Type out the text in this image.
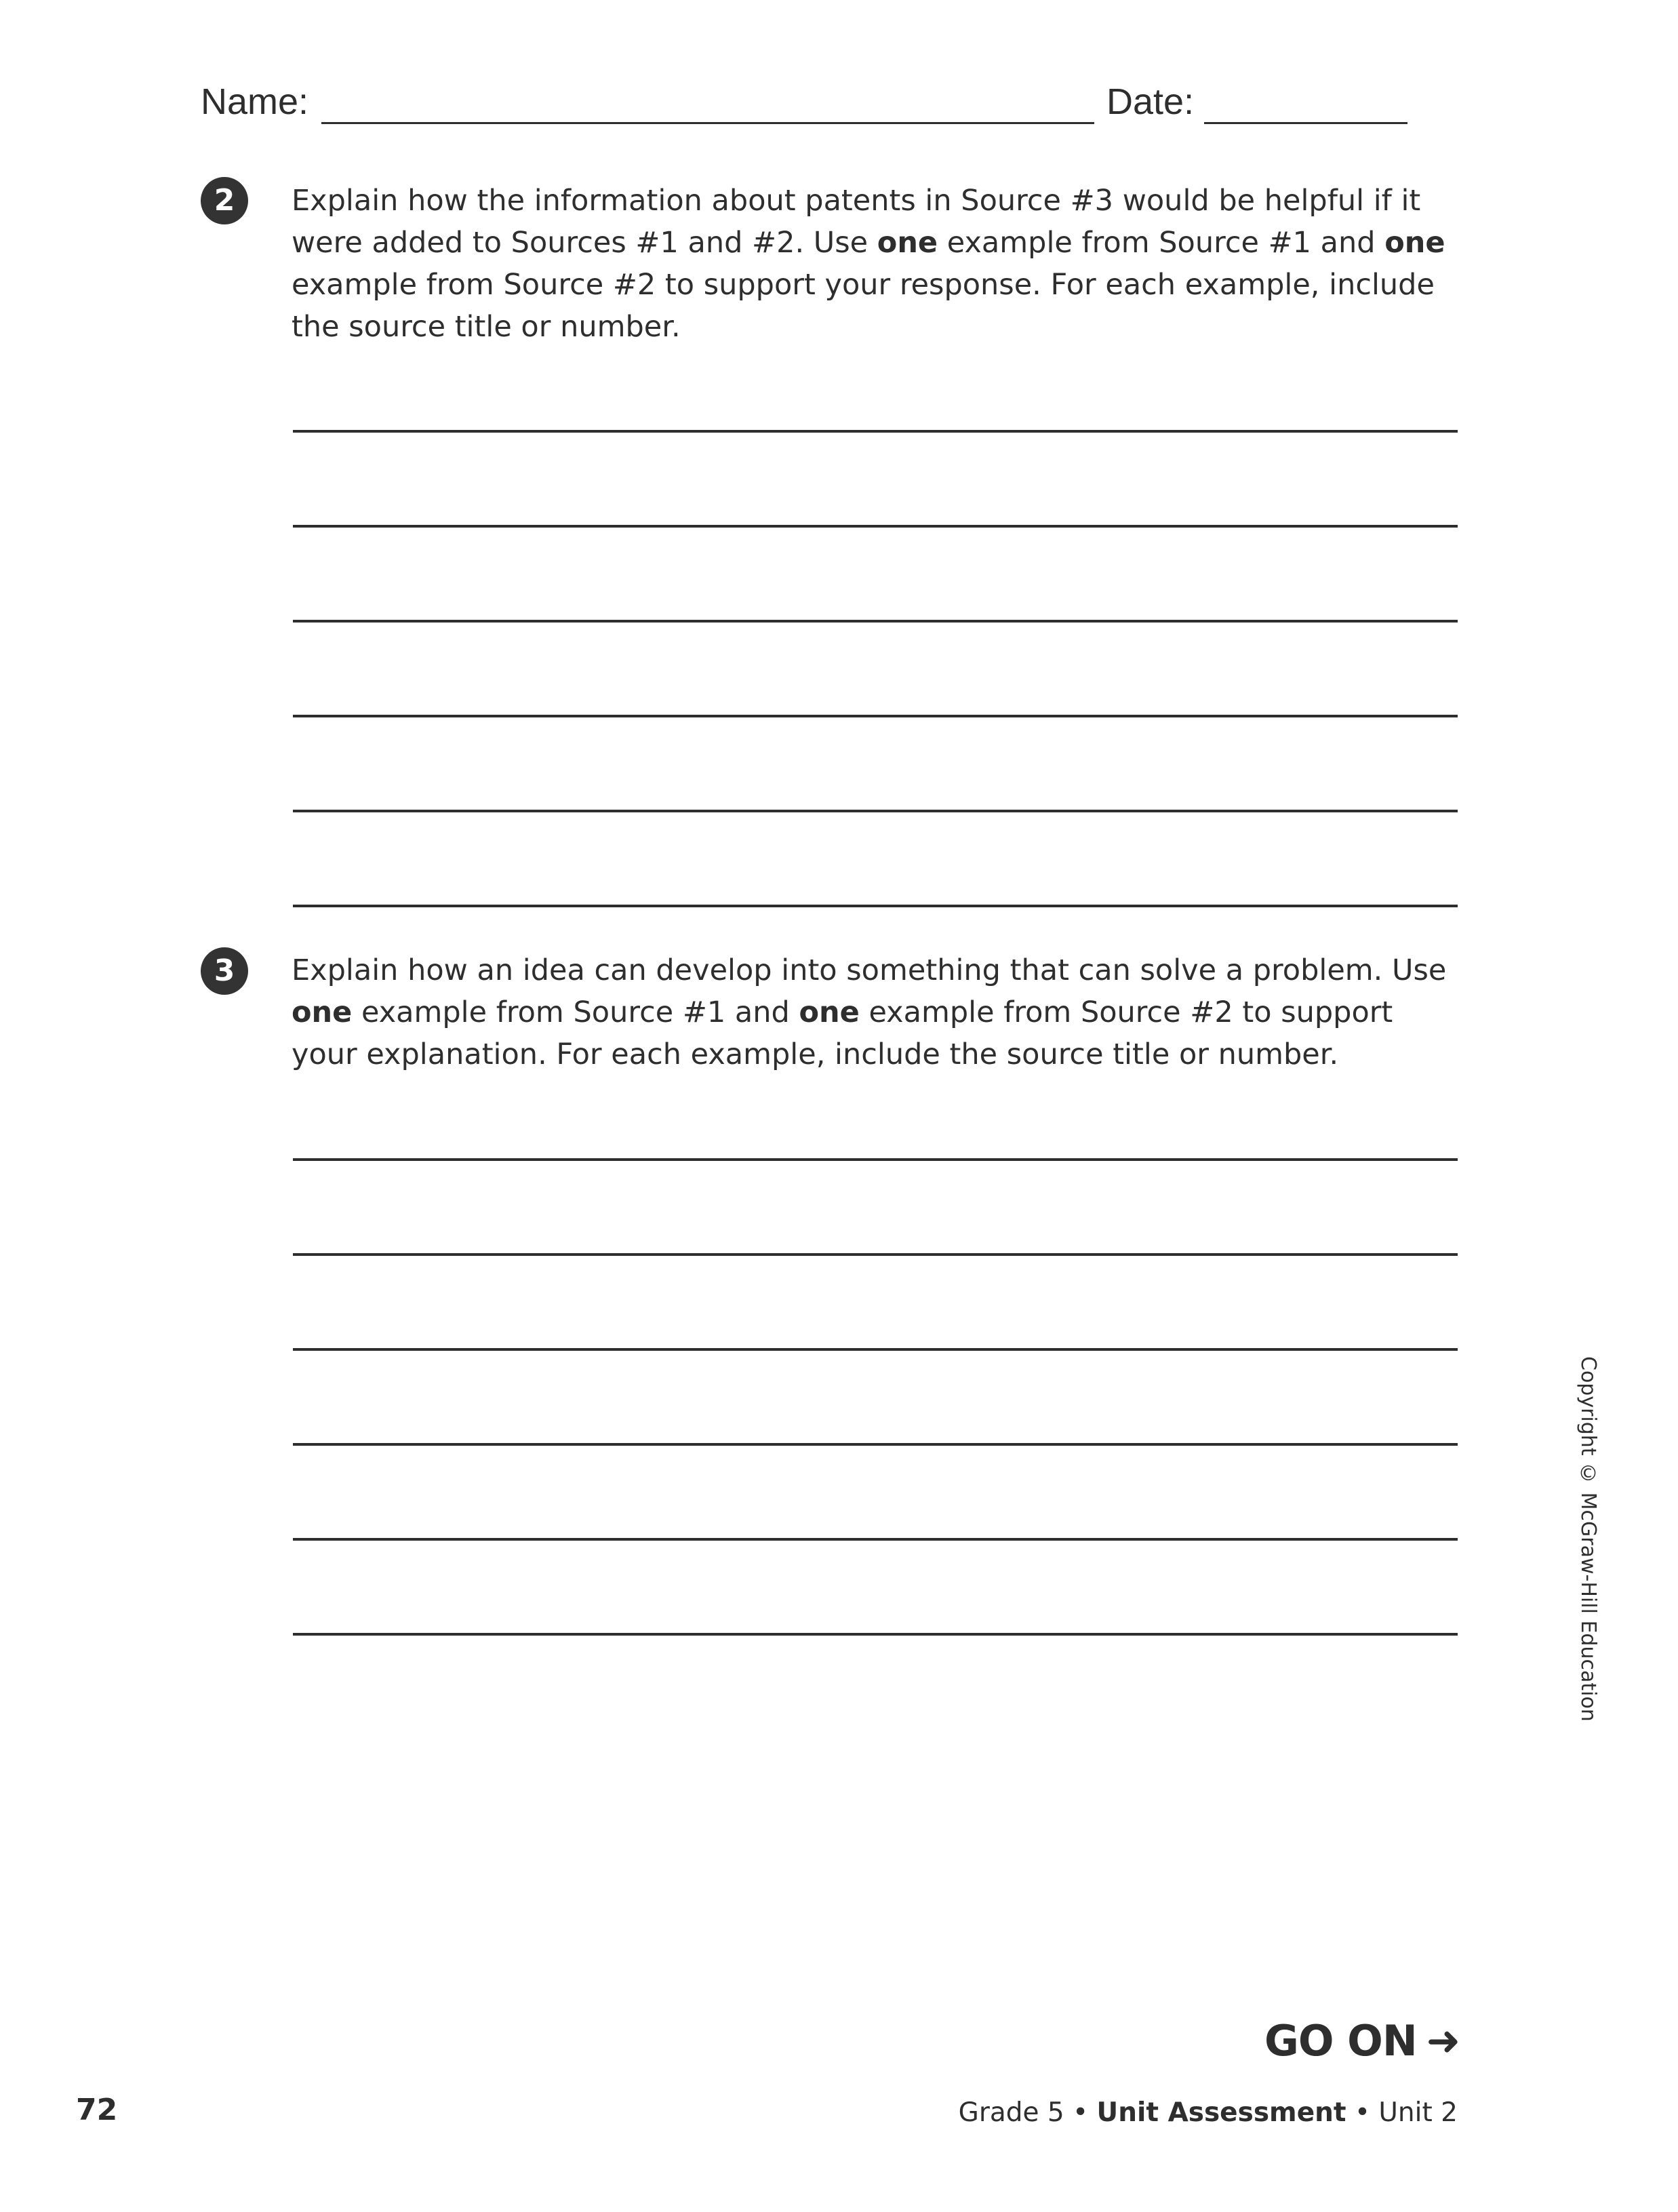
Name:	Date:
2	Explain how the information about patents in Source #3 would be helpful if it were added to Sources #1 and #2. Use one example from Source #1 and one example from Source #2 to support your response. For each example, include the source title or number.

3	Explain how an idea can develop into something that can solve a problem. Use one example from Source #1 and one example from Source #2 to support your explanation. For each example, include the source title or number.

Copyright © McGraw-Hill Education
GO ON ➜
72	Grade 5 • Unit Assessment • Unit 2
